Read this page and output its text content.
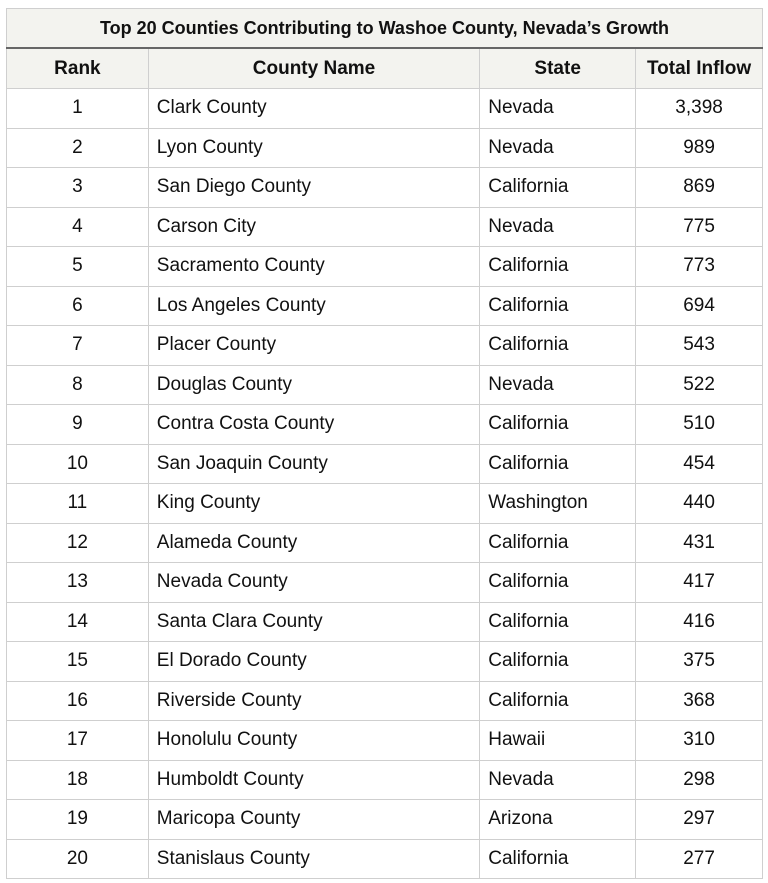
Top 20 Counties Contributing to Washoe County, Nevada’s Growth			
Rank	County Name	State	Total Inflow
1	Clark County	Nevada	3,398
2	Lyon County	Nevada	989
3	San Diego County	California	869
4	Carson City	Nevada	775
5	Sacramento County	California	773
6	Los Angeles County	California	694
7	Placer County	California	543
8	Douglas County	Nevada	522
9	Contra Costa County	California	510
10	San Joaquin County	California	454
11	King County	Washington	440
12	Alameda County	California	431
13	Nevada County	California	417
14	Santa Clara County	California	416
15	El Dorado County	California	375
16	Riverside County	California	368
17	Honolulu County	Hawaii	310
18	Humboldt County	Nevada	298
19	Maricopa County	Arizona	297
20	Stanislaus County	California	277
